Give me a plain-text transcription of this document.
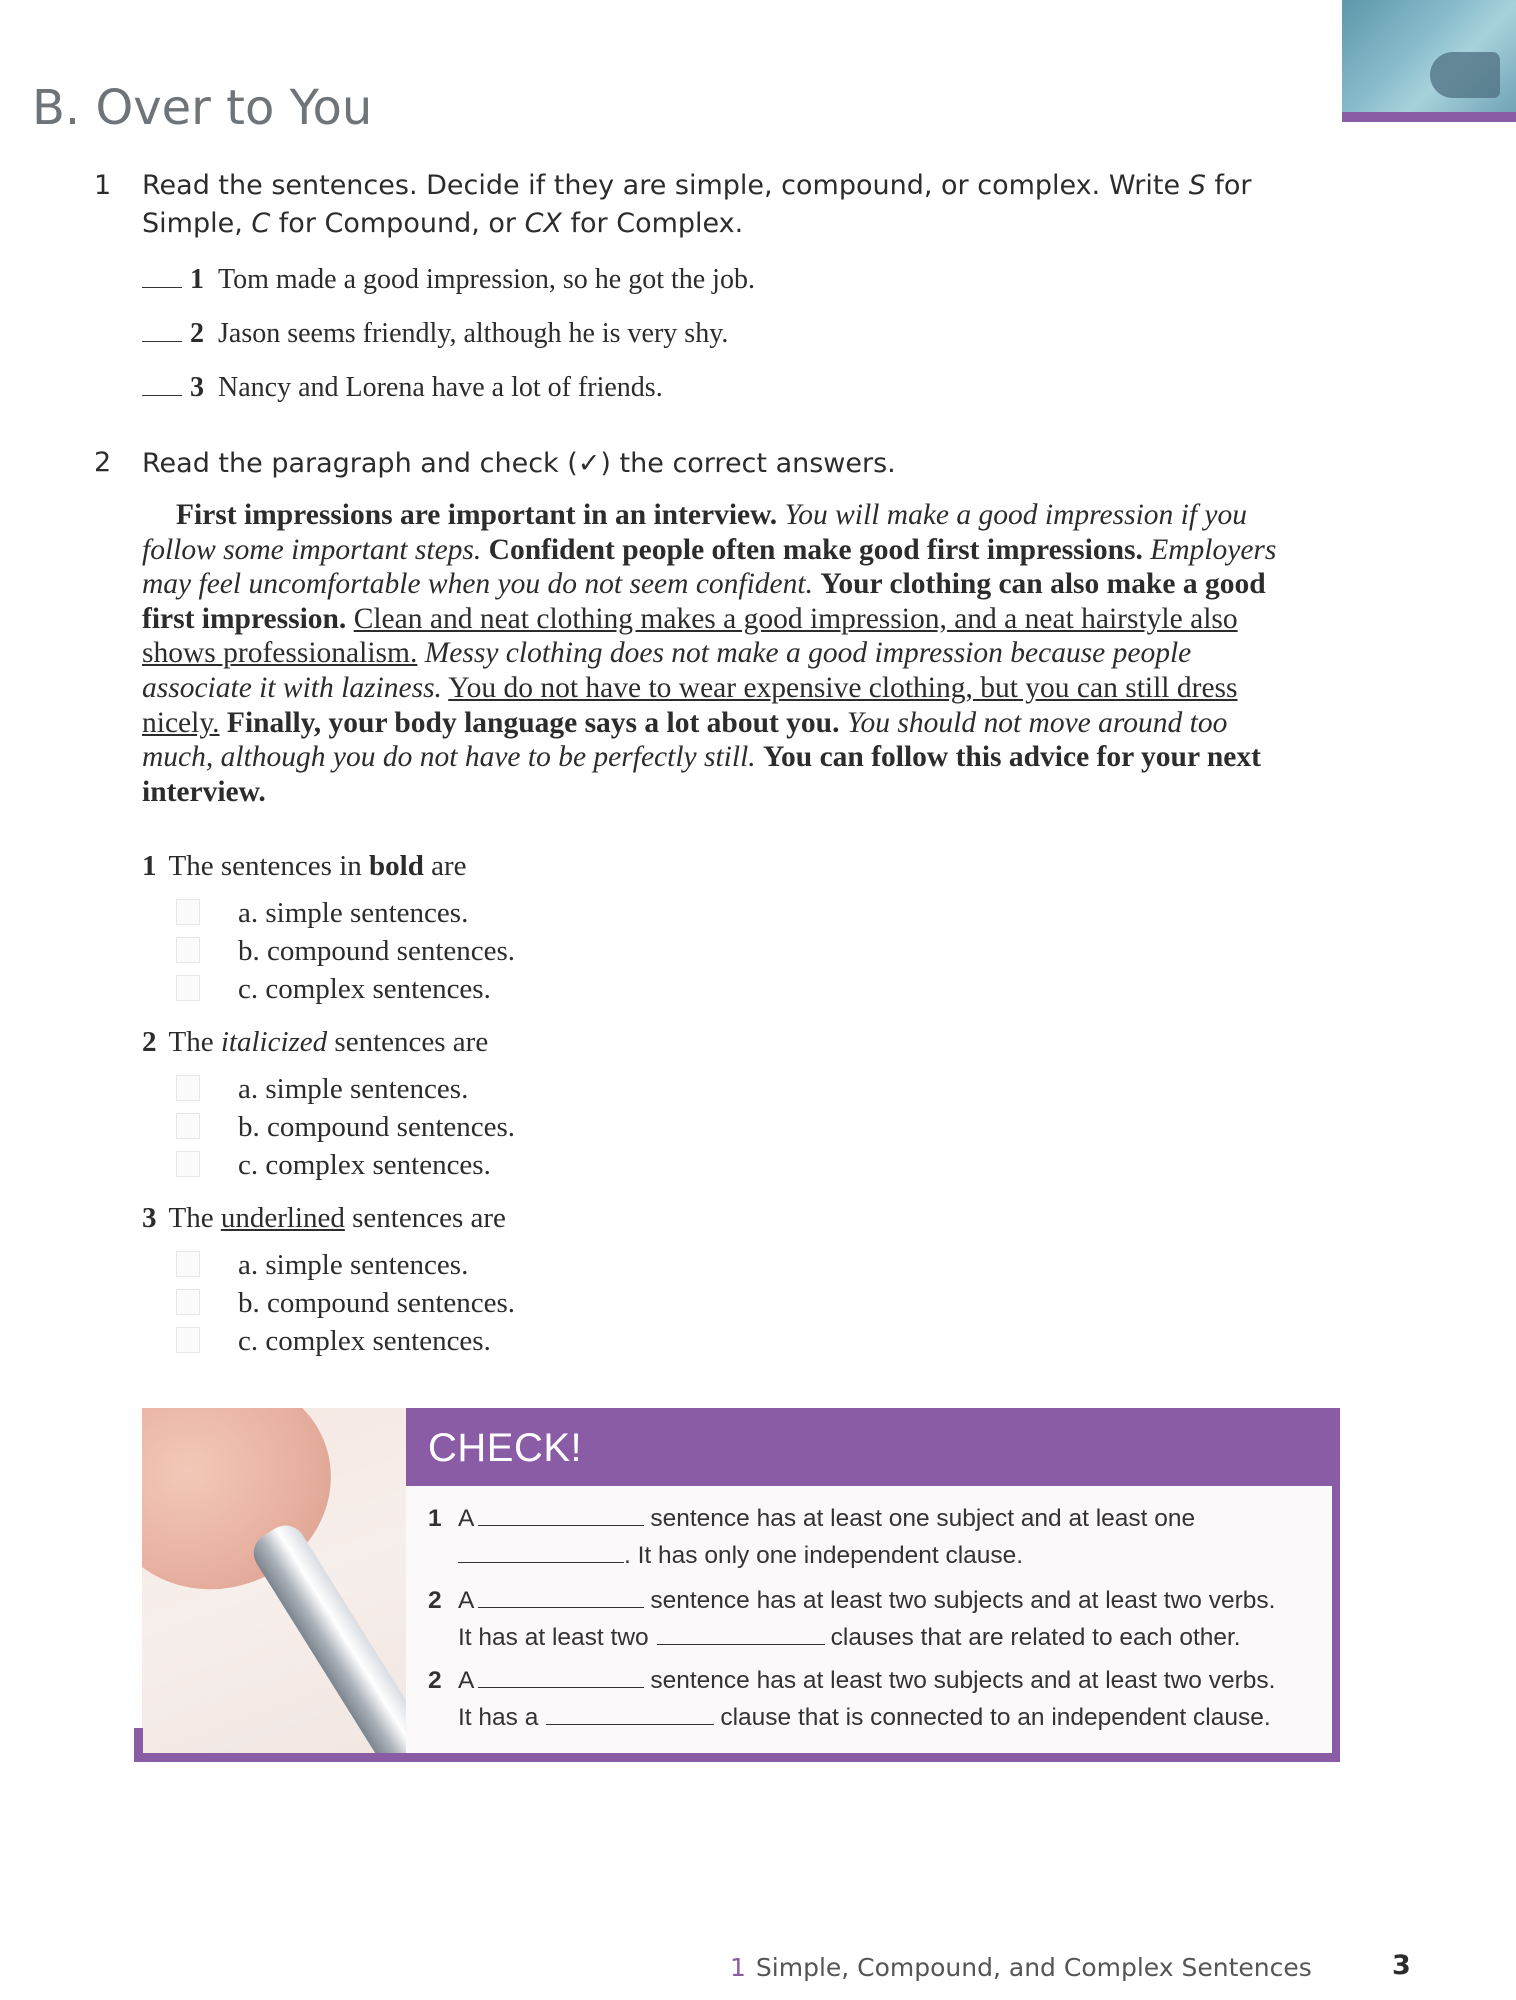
B. Over to You
1 Read the sentences. Decide if they are simple, compound, or complex. Write S for Simple, C for Compound, or CX for Complex.

1 Tom made a good impression, so he got the job.
2 Jason seems friendly, although he is very shy.
3 Nancy and Lorena have a lot of friends.
2 Read the paragraph and check (✓) the correct answers.

First impressions are important in an interview. You will make a good impression if you follow some important steps. Confident people often make good first impressions. Employers may feel uncomfortable when you do not seem confident. Your clothing can also make a good first impression. Clean and neat clothing makes a good impression, and a neat hairstyle also shows professionalism. Messy clothing does not make a good impression because people associate it with laziness. You do not have to wear expensive clothing, but you can still dress nicely. Finally, your body language says a lot about you. You should not move around too much, although you do not have to be perfectly still. You can follow this advice for your next interview.

1 The sentences in bold are
a. simple sentences.
b. compound sentences.
c. complex sentences.
2 The italicized sentences are
a. simple sentences.
b. compound sentences.
c. complex sentences.
3 The underlined sentences are
a. simple sentences.
b. compound sentences.
c. complex sentences.
CHECK!
1 A	sentence has at least one subject and at least one
. It has only one independent clause.
2 A	sentence has at least two subjects and at least two verbs.
It has at least two	clauses that are related to each other.
2 A	sentence has at least two subjects and at least two verbs.
It has a	clause that is connected to an independent clause.
1 Simple, Compound, and Complex Sentences	3
